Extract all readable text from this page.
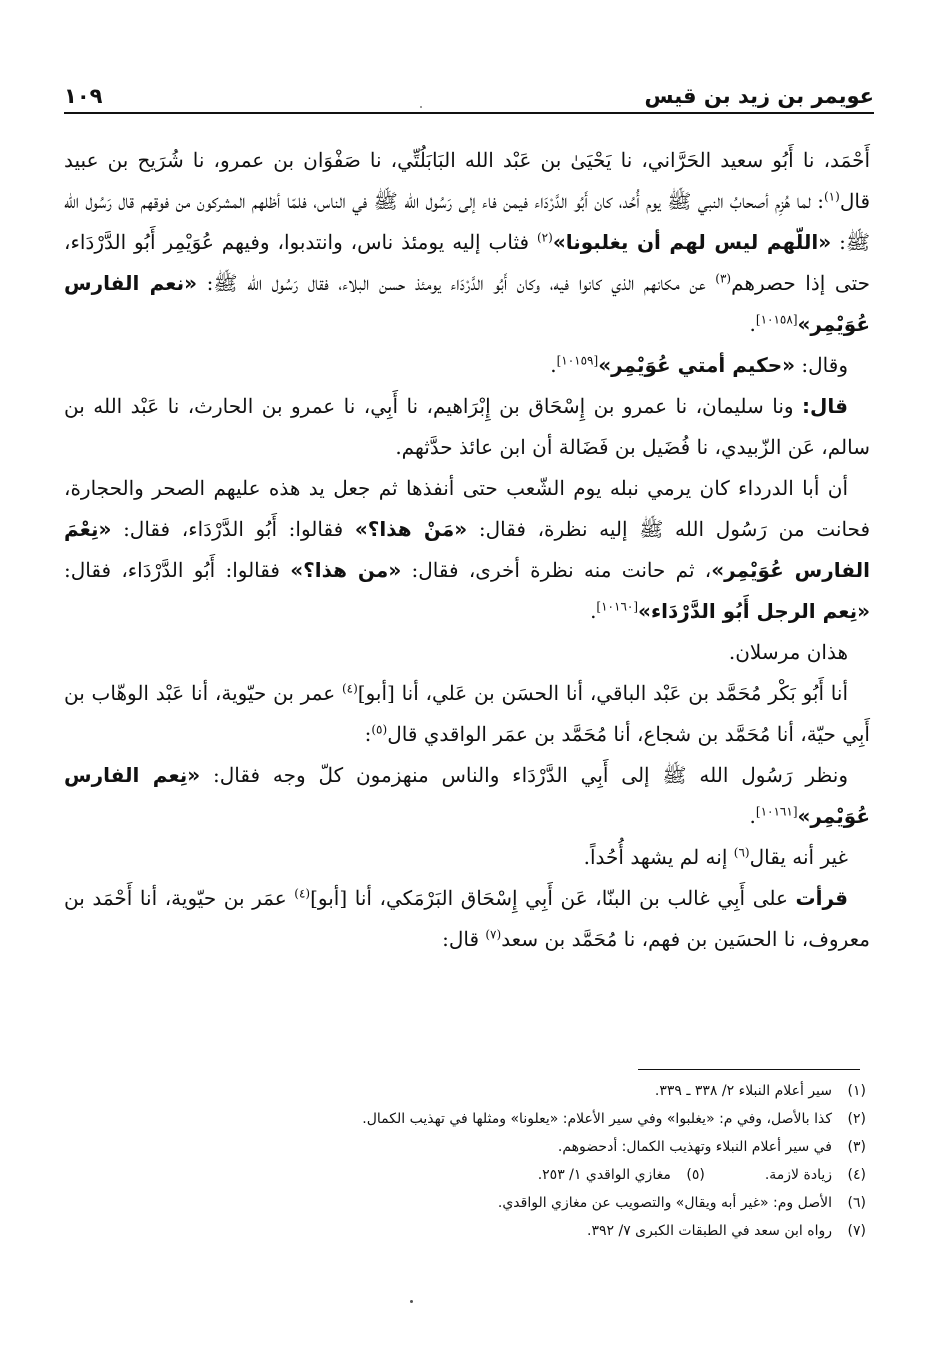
عويمر بن زيد بن قيس
١٠٩

أَحْمَد، نا أَبُو سعيد الحَرَّاني، نا يَحْيَىٰ بن عَبْد الله البَابَلُتِّي، نا صَفْوَان بن عمرو، نا شُرَيح بن عبيد قال$^{(١)}$: لما هُزِم أصحابُ النبي ﷺ يوم أُحُد، كان أَبُو الدَّرْدَاء فيمن فاء إلى رَسُول الله ﷺ في الناس، فلمّا أظلهم المشركون من فوقهم قال رَسُول الله ﷺ: «اللّهم ليس لهم أن يغلبونا»$^{(٢)}$ فثاب إليه يومئذ ناس، وانتدبوا، وفيهم عُوَيْمِر أَبُو الدَّرْدَاء، حتى إذا حصرهم$^{(٣)}$ عن مكانهم الذي كانوا فيه، وكان أَبُو الدَّرْدَاء يومئذ حسن البلاء، فقال رَسُول الله ﷺ: «نعم الفارس عُوَيْمِر»[١٠١٥٨].

وقال: «حكيم أمتي عُوَيْمِر»[١٠١٥٩].

قال: ونا سليمان، نا عمرو بن إِسْحَاق بن إِبْرَاهيم، نا أَبِي، نا عمرو بن الحارث، نا عَبْد الله بن سالم، عَن الزّبيدي، نا فُضَيل بن فَضَالة أن ابن عائذ حدَّثهم.

أن أبا الدرداء كان يرمي نبله يوم الشّعب حتى أنفذها ثم جعل يد هذه عليهم الصحر والحجارة، فحانت من رَسُول الله ﷺ إليه نظرة، فقال: «مَنْ هذا؟» فقالوا: أَبُو الدَّرْدَاء، فقال: «نِعْمَ الفارس عُوَيْمِر»، ثم حانت منه نظرة أخرى، فقال: «من هذا؟» فقالوا: أَبُو الدَّرْدَاء، فقال: «نِعم الرجل أَبُو الدَّرْدَاء»[١٠١٦٠].

هذان مرسلان.

أنا أَبُو بَكْر مُحَمَّد بن عَبْد الباقي، أنا الحسَن بن عَلي، أنا [أبو]$^{(٤)}$ عمر بن حيّوية، أنا عَبْد الوهّاب بن أَبِي حيّة، أنا مُحَمَّد بن شجاع، أنا مُحَمَّد بن عمَر الواقدي قال$^{(٥)}$:

ونظر رَسُول الله ﷺ إلى أَبِي الدَّرْدَاء والناس منهزمون كلّ وجه فقال: «نِعم الفارس عُوَيْمِر»[١٠١٦١].

غير أنه يقال$^{(٦)}$ إنه لم يشهد أُحُداً.

قرأت على أَبِي غالب بن البنّا، عَن أَبِي إِسْحَاق البَرْمَكي، أنا [أبو]$^{(٤)}$ عمَر بن حيّوية، أنا أَحْمَد بن معروف، نا الحسَين بن فهم، نا مُحَمَّد بن سعد$^{(٧)}$ قال:

(١)سير أعلام النبلاء ٢/ ٣٣٨ ـ ٣٣٩.
(٢)كذا بالأصل، وفي م: «يغلبوا» وفي سير الأعلام: «يعلونا» ومثلها في تهذيب الكمال.
(٣)في سير أعلام النبلاء وتهذيب الكمال: أدحضوهم.
(٤)زيادة لازمة.
(٥)مغازي الواقدي ١/ ٢٥٣.
(٦)الأصل وم: «غير أبه ويقال» والتصويب عن مغازي الواقدي.
(٧)رواه ابن سعد في الطبقات الكبرى ٧/ ٣٩٢.
